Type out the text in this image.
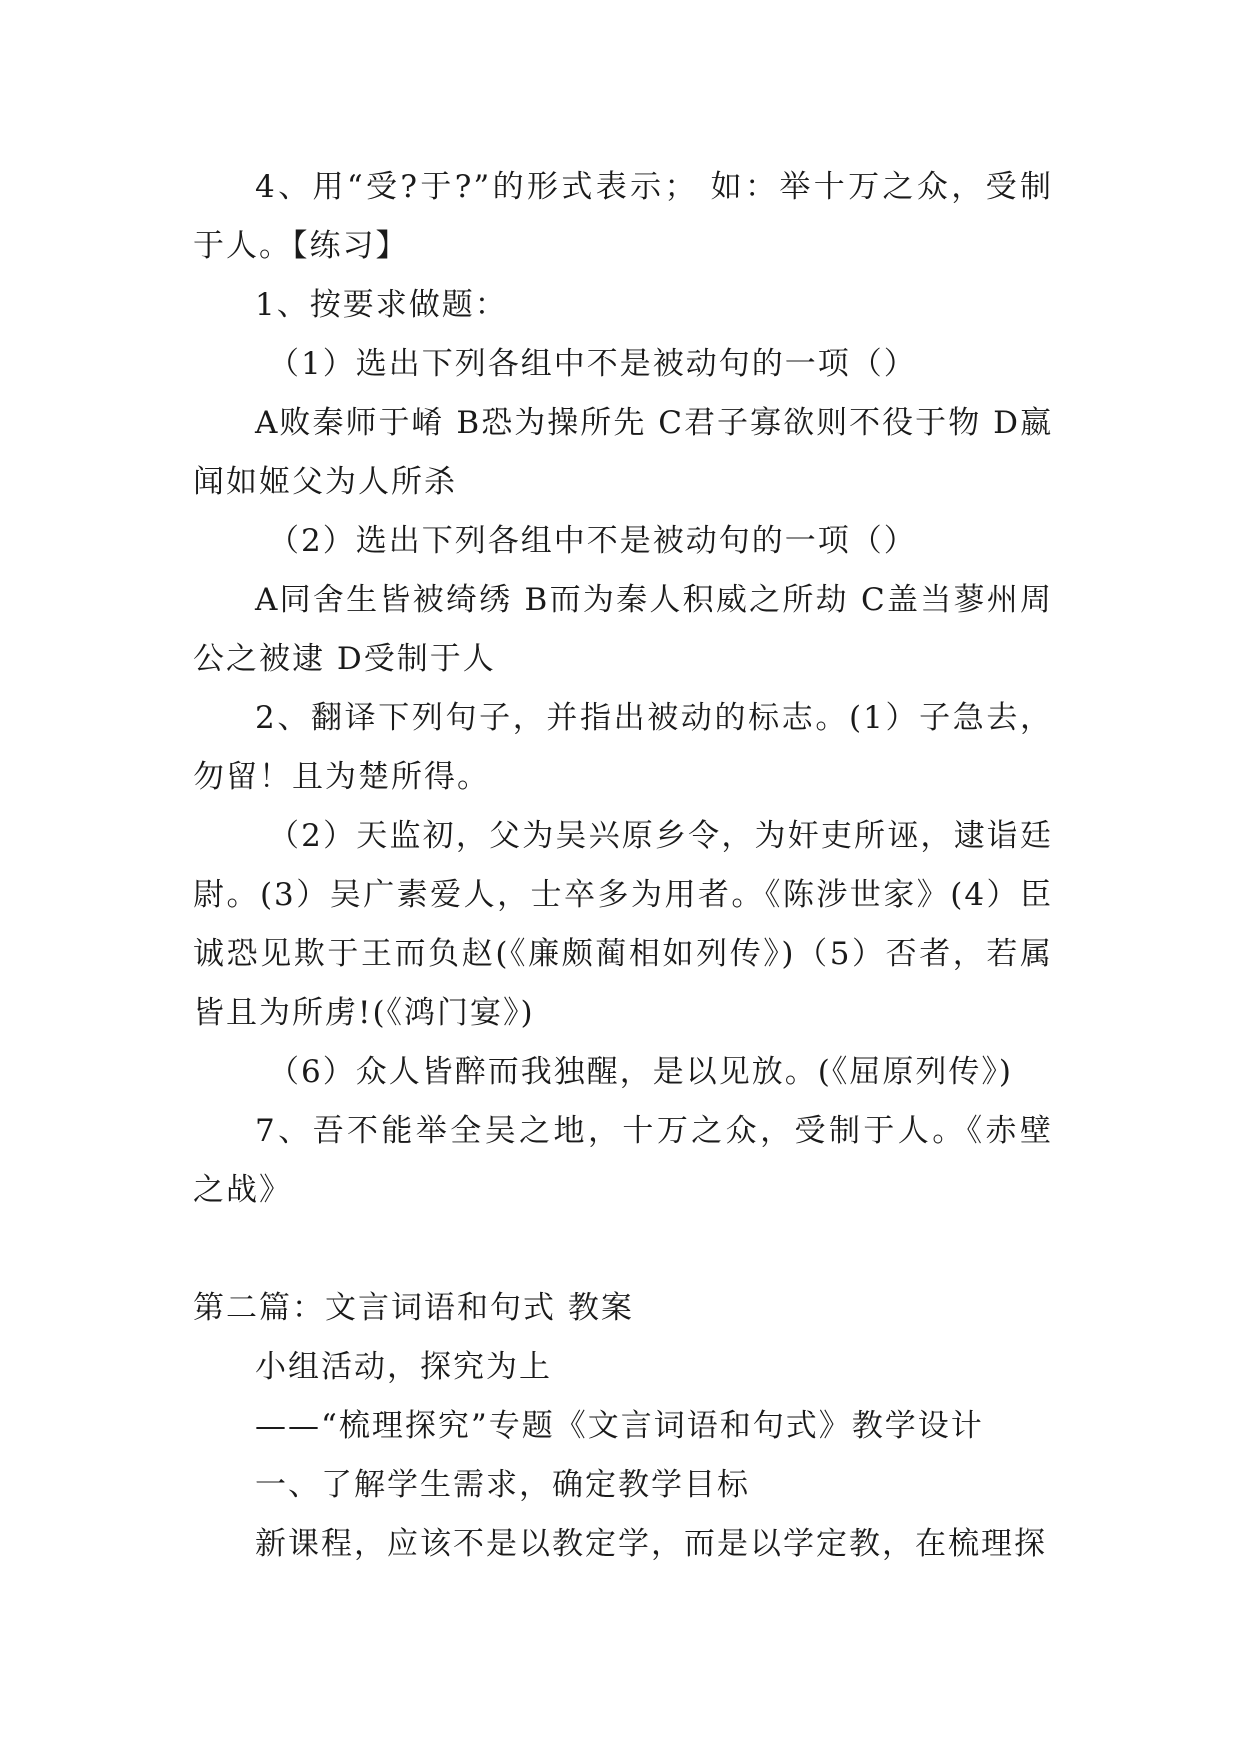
4、用“受?于?”的形式表示； 如：举十万之众，受制于人。【练习】

1、按要求做题：

（1）选出下列各组中不是被动句的一项（）

A败秦师于崤 B恐为操所先 C君子寡欲则不役于物 D嬴闻如姬父为人所杀

（2）选出下列各组中不是被动句的一项（）

A同舍生皆被绮绣 B而为秦人积威之所劫 C盖当蓼州周公之被逮 D受制于人

2、翻译下列句子，并指出被动的标志。(1）子急去，勿留！且为楚所得。

（2）天监初，父为吴兴原乡令，为奸吏所诬，逮诣廷尉。(3）吴广素爱人，士卒多为用者。《陈涉世家》(4）臣诚恐见欺于王而负赵(《廉颇蔺相如列传》)（5）否者，若属皆且为所虏!(《鸿门宴》)

（6）众人皆醉而我独醒，是以见放。(《屈原列传》)

7、吾不能举全吴之地，十万之众，受制于人。《赤壁之战》

第二篇：文言词语和句式 教案

小组活动，探究为上

——“梳理探究”专题《文言词语和句式》教学设计

一、了解学生需求，确定教学目标

新课程，应该不是以教定学，而是以学定教，在梳理探
